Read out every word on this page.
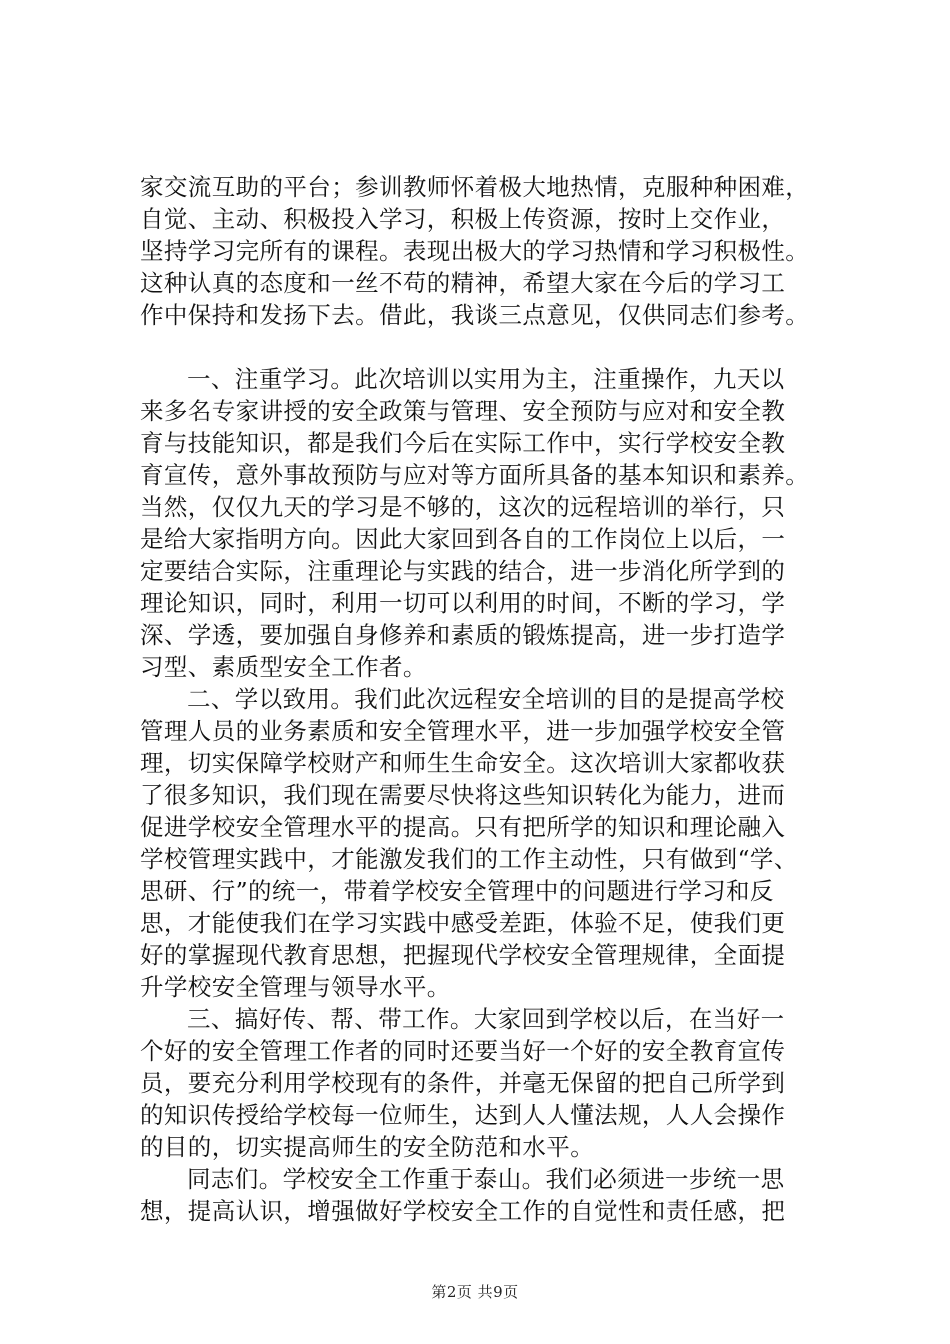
家交流互助的平台；参训教师怀着极大地热情，克服种种困难，
自觉、主动、积极投入学习，积极上传资源，按时上交作业，
坚持学习完所有的课程。表现出极大的学习热情和学习积极性。
这种认真的态度和一丝不苟的精神，希望大家在今后的学习工
作中保持和发扬下去。借此，我谈三点意见，仅供同志们参考。
一、注重学习。此次培训以实用为主，注重操作，九天以
来多名专家讲授的安全政策与管理、安全预防与应对和安全教
育与技能知识，都是我们今后在实际工作中，实行学校安全教
育宣传，意外事故预防与应对等方面所具备的基本知识和素养。
当然，仅仅九天的学习是不够的，这次的远程培训的举行，只
是给大家指明方向。因此大家回到各自的工作岗位上以后，一
定要结合实际，注重理论与实践的结合，进一步消化所学到的
理论知识，同时，利用一切可以利用的时间，不断的学习，学
深、学透，要加强自身修养和素质的锻炼提高，进一步打造学
习型、素质型安全工作者。
二、学以致用。我们此次远程安全培训的目的是提高学校
管理人员的业务素质和安全管理水平，进一步加强学校安全管
理，切实保障学校财产和师生生命安全。这次培训大家都收获
了很多知识，我们现在需要尽快将这些知识转化为能力，进而
促进学校安全管理水平的提高。只有把所学的知识和理论融入
学校管理实践中，才能激发我们的工作主动性，只有做到“学、
思研、行”的统一，带着学校安全管理中的问题进行学习和反
思，才能使我们在学习实践中感受差距，体验不足，使我们更
好的掌握现代教育思想，把握现代学校安全管理规律，全面提
升学校安全管理与领导水平。
三、搞好传、帮、带工作。大家回到学校以后，在当好一
个好的安全管理工作者的同时还要当好一个好的安全教育宣传
员，要充分利用学校现有的条件，并毫无保留的把自己所学到
的知识传授给学校每一位师生，达到人人懂法规，人人会操作
的目的，切实提高师生的安全防范和水平。
同志们。学校安全工作重于泰山。我们必须进一步统一思
想，提高认识，增强做好学校安全工作的自觉性和责任感，把
第2页 共9页
